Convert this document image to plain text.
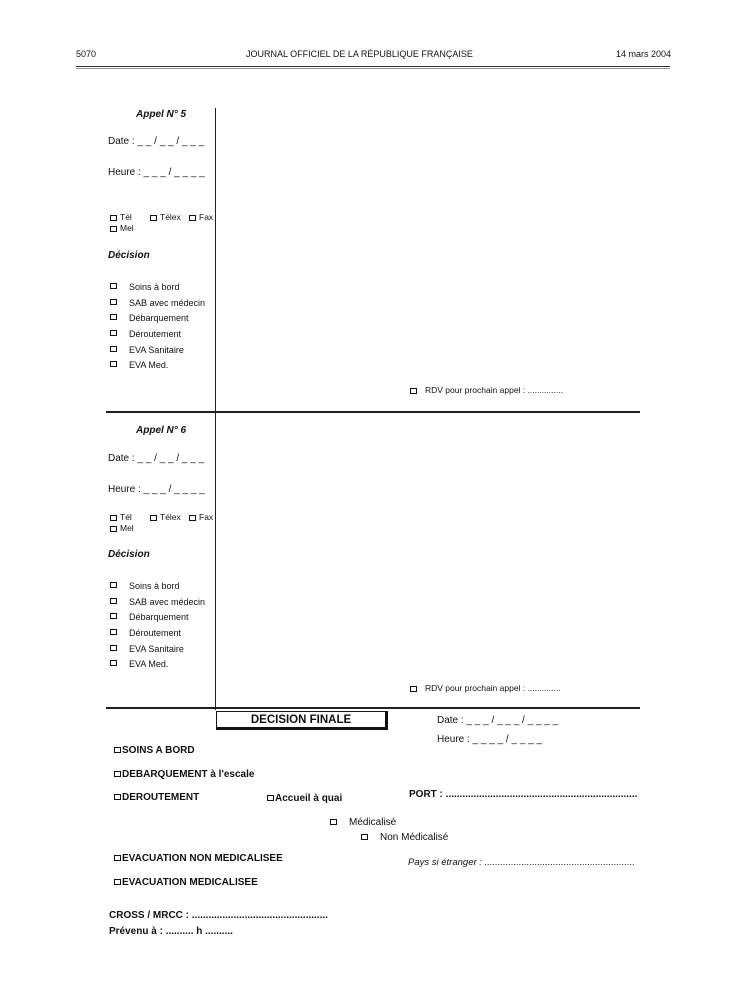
5070	JOURNAL OFFICIEL DE LA RÉPUBLIQUE FRANÇAISE	14 mars 2004
Appel N° 5
Date : _ _ / _ _ / _ _ _
Heure : _ _ _ / _ _ _ _
Tél	Télex	Fax
Mel
Décision
Soins à bord
SAB avec médecin
Débarquement
Déroutement
EVA Sanitaire
EVA Med.
RDV pour prochain appel : ...............
Appel N° 6
Date : _ _ / _ _ / _ _ _
Heure : _ _ _ / _ _ _ _
Tél	Télex	Fax
Mel
Décision
Soins à bord
SAB avec médecin
Débarquement
Déroutement
EVA Sanitaire
EVA Med.
RDV pour prochain appel : ..............
DECISION FINALE	Date : _ _ _ / _ _ _ / _ _ _ _
Heure : _ _ _ _ / _ _ _ _
SOINS A BORD
DEBARQUEMENT à l'escale
DEROUTEMENT	Accueil à quai	PORT : .....................................................................
Médicalisé
Non Médicalisé
EVACUATION NON MEDICALISEE	Pays si étranger : .........................................................
EVACUATION MEDICALISEE
CROSS / MRCC : .................................................
Prévenu à : .......... h ..........
